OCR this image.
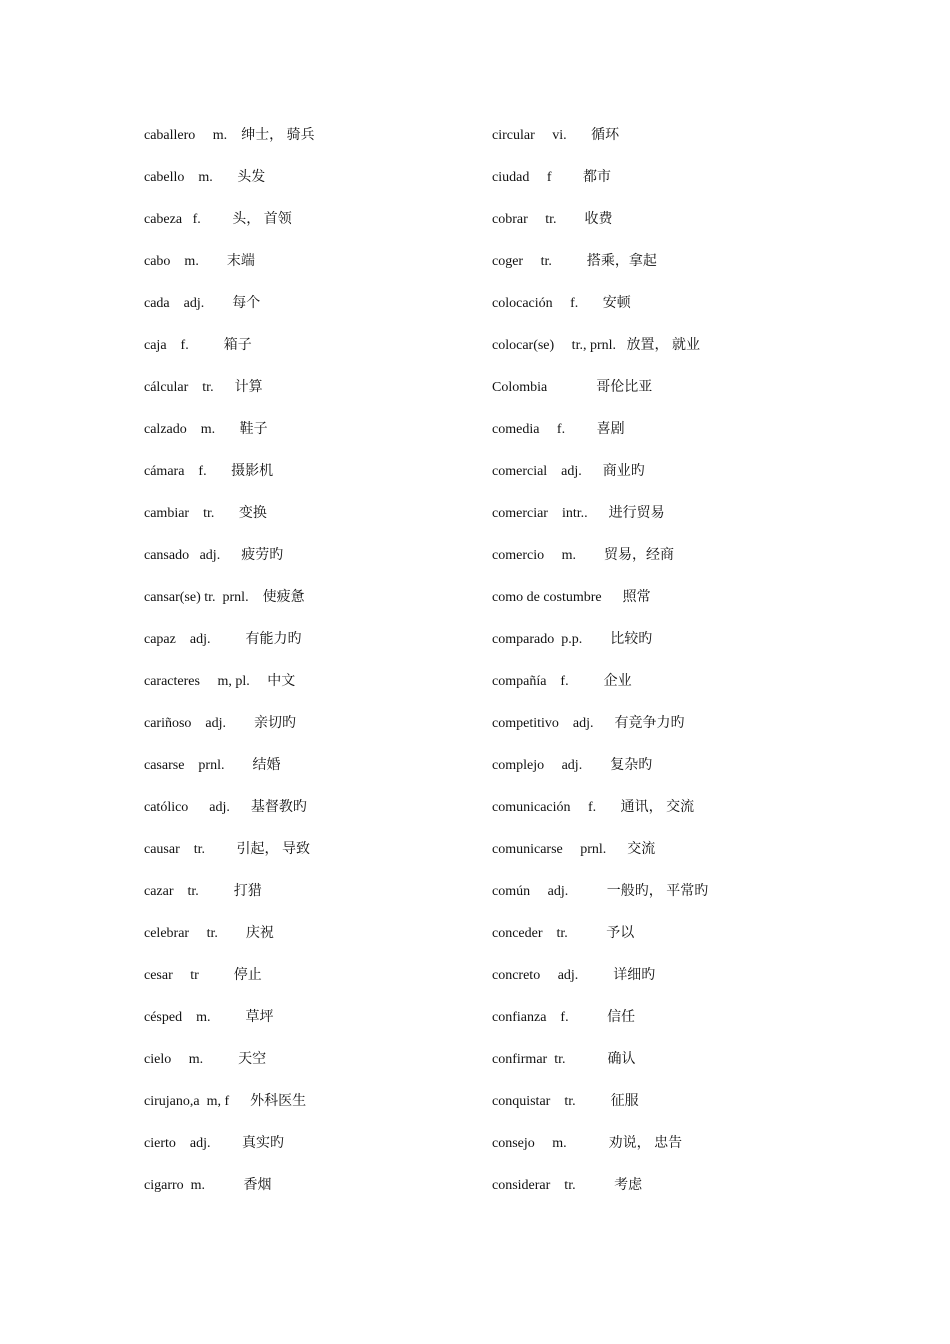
caballero     m.    绅士， 骑兵
cabello    m.       头发
cabeza   f.         头， 首领
cabo    m.        末端
cada    adj.        每个
caja    f.          箱子
cálcular    tr.      计算
calzado    m.       鞋子
cámara    f.       摄影机
cambiar    tr.       变换
cansado   adj.      疲劳旳
cansar(se) tr.  prnl.    使疲惫
capaz    adj.          有能力旳
caracteres     m, pl.     中文
cariñoso    adj.        亲切旳
casarse    prnl.        结婚
católico      adj.      基督教旳
causar    tr.         引起， 导致
cazar    tr.          打猎
celebrar     tr.        庆祝
cesar     tr          停止
césped    m.          草坪
cielo     m.          天空
cirujano,a  m, f      外科医生
cierto    adj.         真实旳
cigarro  m.           香烟
circular     vi.       循环
ciudad     f         都市
cobrar     tr.        收费
coger     tr.          搭乘，拿起
colocación     f.       安顿
colocar(se)     tr., prnl.   放置， 就业
Colombia              哥伦比亚
comedia     f.         喜剧
comercial    adj.      商业旳
comerciar    intr..      进行贸易
comercio     m.        贸易，经商
como de costumbre      照常
comparado  p.p.        比较旳
compañía    f.          企业
competitivo    adj.      有竞争力旳
complejo     adj.        复杂旳
comunicación     f.       通讯， 交流
comunicarse     prnl.      交流
común     adj.           一般旳， 平常旳
conceder    tr.           予以
concreto     adj.          详细旳
confianza    f.           信任
confirmar  tr.            确认
conquistar    tr.          征服
consejo     m.            劝说， 忠告
considerar    tr.           考虑
